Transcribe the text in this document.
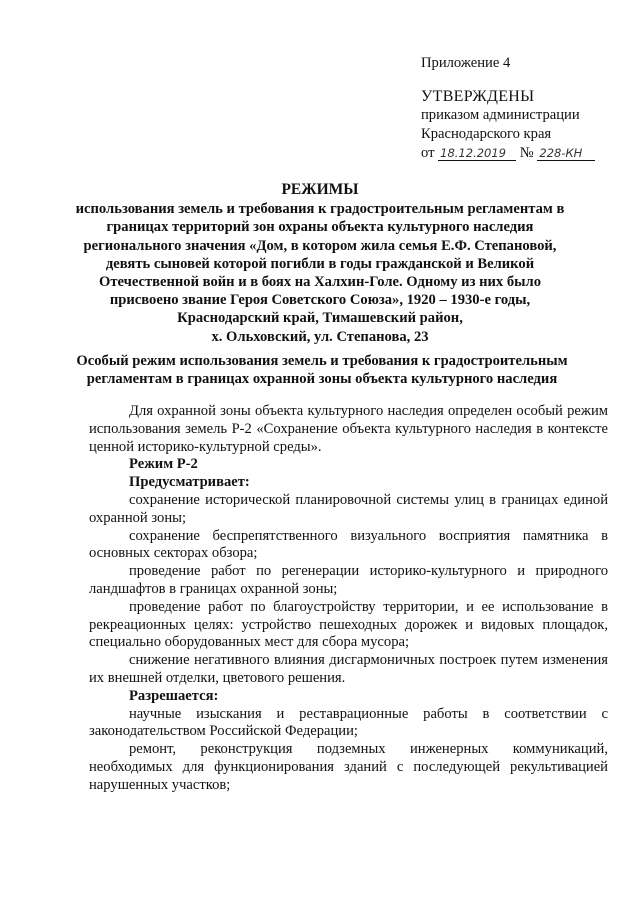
Приложение 4
УТВЕРЖДЕНЫ
приказом администрации
Краснодарского края
от 18.12.2019 № 228-КН
РЕЖИМЫ
использования земель и требования к градостроительным регламентам в
границах территорий зон охраны объекта культурного наследия
регионального значения «Дом, в котором жила семья Е.Ф. Степановой,
девять сыновей которой погибли в годы гражданской и Великой
Отечественной войн и в боях на Халхин-Голе. Одному из них было
присвоено звание Героя Советского Союза», 1920 – 1930-е годы,
Краснодарский край, Тимашевский район,
х. Ольховский, ул. Степанова, 23
Особый режим использования земель и требования к градостроительным
регламентам в границах охранной зоны объекта культурного наследия

Для охранной зоны объекта культурного наследия определен особый режим использования земель Р-2 «Сохранение объекта культурного наследия в контексте ценной историко-культурной среды».

Режим Р-2

Предусматривает:

сохранение исторической планировочной системы улиц в границах единой охранной зоны;

сохранение беспрепятственного визуального восприятия памятника в основных секторах обзора;

проведение работ по регенерации историко-культурного и природного ландшафтов в границах охранной зоны;

проведение работ по благоустройству территории, и ее использование в рекреационных целях: устройство пешеходных дорожек и видовых площадок, специально оборудованных мест для сбора мусора;

снижение негативного влияния дисгармоничных построек путем изменения их внешней отделки, цветового решения.

Разрешается:

научные изыскания и реставрационные работы в соответствии с законодательством Российской Федерации;

ремонт, реконструкция подземных инженерных коммуникаций, необходимых для функционирования зданий с последующей рекультивацией нарушенных участков;
